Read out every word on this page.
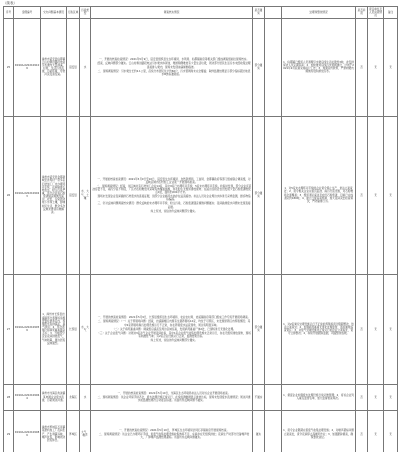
（续表）
序号	受理编号	交办问题基本情况	行政区域	污染类型	调查核实情况	是否属实		处理和整改情况	是否问责	责任单位及人员问责情况	备注
25	D190A-0202109109	漳州市诏安县仙都镇云山村寨边路段电站引水渠内大量油漆、垃圾、生活污水直排，污染环境，导致河流变黑变臭。	诏安县	水	一、开展的核查检查情况：2021年5月9日，诏安县组织县生态环境局、水利局、仙都镇政府等相关部门组成调查组前往现场核实。
经查，反映问题部分属实。云山村寨边路段电站引水渠水体浑浊，渠道两侧堆放有少量生活垃圾，周边部分居民生活污水未经收集处理直接排入渠内，现场未发现油漆倾倒痕迹。
二、现场调查情况：引水渠全长约2.1公里，沿线分布居民住户约60户，污水管网尚未完全覆盖；取样监测结果显示部分指标超过地表水Ⅲ类标准限值。	部分属实		1、仙都镇已组织人员清理引水渠沿线生活垃圾约3吨，并安排保洁人员定期巡查；2、加快推进沿线污水管网建设，计划于2021年9月底前完成接户工作；3、加强宣传教育，严禁向渠内倾倒垃圾和排放污水。	否	无	无
26	D190A-0202109023	漳州市诏安县金都新城至洋尾村一带多家石材加工厂未办理环评手续，夜间偷排石材废水、粉尘污染严重，部分企业将石粉废渣随意倾倒至溪边、农田，污染周边地下水和土壤，影响村民生活，群众多次反映未得到有效解决。	诏安县	水、大气、土壤	一、开展的核查检查情况：2021年5月9日至10日，诏安县生态环境局、自然资源局、工信局、金都镇政府等部门组成联合调查组，对反映区域内石材加工企业逐一开展现场检查。
二、现场调查情况：经查，该区域共有石材加工企业14家，其中9家已办理环评手续，5家未办理环评手续。检查时发现，部分企业沉淀池容量不足，雨污分流不彻底，厂区内石粉堆放未采取有效覆盖措施，存在粉尘无组织排放现象；在溪边及附近农田发现少量石粉废渣堆放点4处，面积约200平方米。
现场未发现企业夜间偷排石材废水的直接证据，但部分企业循环水池存在溢流痕迹。执法人员对企业周边水体进行采样监测，悬浮物指标偏高。
三、针对反映问题调查核实情况：群众反映的未办理环评手续、粉尘污染、石粉废渣随意倾倒问题属实；夜间偷排废水问题未发现直接证据。
综上所述，该信访件反映问题部分属实。	部分属实		1、对5家未办理环评手续的企业责令停止生产，依法立案查处；2、责令相关企业完善沉淀池、雨污分流设施，对石粉堆场全面覆盖；3、组织清运溪边及农田石粉废渣，目前已完成清运约180吨；4、建立日常巡查机制，加大夜间突击检查频次，严防偷排行为。	否	无	无
27	D190A-0202109059	1、漳州市长泰县岩溪镇部分养殖场违规设置在禁养区内，养殖废水直排溪流，臭气扰民；2、部分养殖户将病死畜禽随意丢弃；3、当地部分企业夜间排放废气，气味刺鼻，周边居民反映强烈。	长泰县	水、大气	一、开展的核查检查情况：2021年5月9日，长泰县组织县生态环境局、农业农村局、岩溪镇政府等部门组成工作专班开展现场调查。
二、现场调查情况：（一）关于养殖场问题：经查，岩溪镇辖区内现有生猪养殖场12家，均位于可养区，未发现禁养区内养殖情况；其中2家养殖场粪污处理设施运行不正常，存在养殖废水溢流现象，周边有明显异味。
（二）关于病死畜禽问题：调查组沿溪流及周边区域巡查，发现病死畜禽尸体2处，已现场进行无害化处理。
（三）关于企业废气问题：对周边3家涉气企业开展夜间检查，其中1家企业废气收集处理设施未正常运行，存在无组织排放现象，现场有刺激性气味；另2家企业设施运行正常，监测结果达标。
综上所述，该信访件反映问题部分属实。	部分属实		1、对2家粪污处理设施运行不正常的养殖场责令限期整改，依法立案查处；2、加强病死畜禽无害化处理监管，落实属地巡查责任；3、对废气处理设施未正常运行的企业立案查处，责令立即整改；4、持续开展跟踪监测，巩固整改成效。	否	无	无
28	D190A-0202109064	漳州市龙海区角美镇某电镀企业废水直排，污染周边河道。	龙海区	水	一、开展的核查检查情况：2021年5月10日，龙海区生态环境局执法人员对该企业开展现场检查。
二、现场调查情况：该企业环保手续齐全，废水处理设施正常运行，在线监测数据显示排放达标，现场未发现废水直排情况；周边河道水质监测结果符合功能区标准。该信访件反映问题不属实。	不属实		1、督促企业加强废水处理设施日常运维管理；2、将该企业列入重点监管名单，加大监督检查频次。	否	无	无
29	D190A-0202109089	漳州市芗城区石亭镇某塑料加工厂夜间生产，产生刺鼻异味，噪声扰民，影响周边居民休息。	芗城区	大气、噪声	一、开展的核查检查情况：2021年5月10日，芗城区生态环境局会同石亭镇政府开展现场核查。
二、现场调查情况：该企业已办理环评手续，但废气收集处理设施收集效率不足，车间存在无组织排放；夜间生产时部分设备噪声较大，厂界噪声监测结果超标。该信访件反映问题属实。	属实		1、责令企业限期完善废气收集处理设施；2、对噪声超标问题立案查处，责令夜间停止高噪声作业；3、加强跟踪督查，确保整改到位。	否	无	无
